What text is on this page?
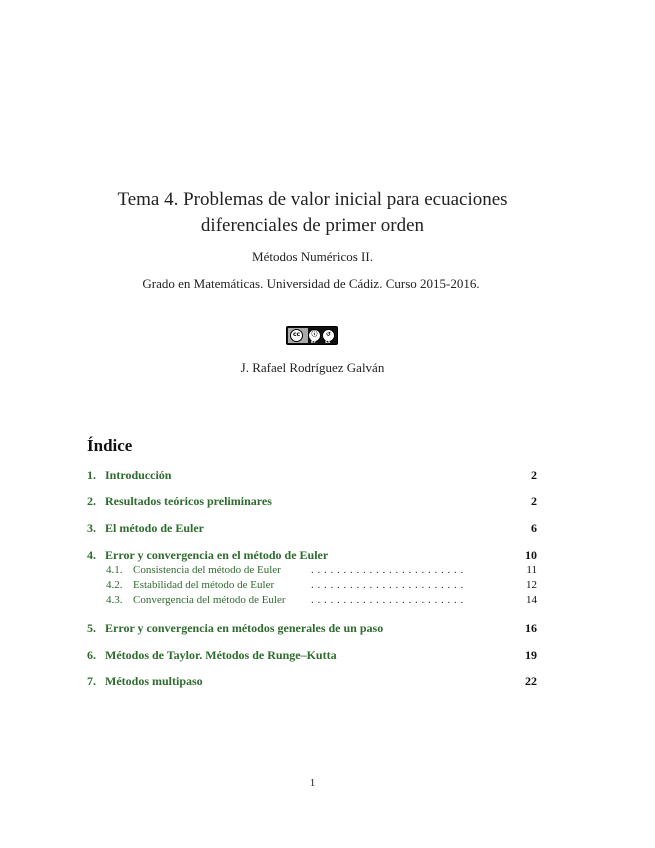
Tema 4. Problemas de valor inicial para ecuaciones diferenciales de primer orden
Métodos Numéricos II.
Grado en Matemáticas. Universidad de Cádiz. Curso 2015-2016.
cc	ⓘ	↺
BY	SA
J. Rafael Rodríguez Galván
Índice
1. Introducción	2
2. Resultados teóricos preliminares	2
3. El método de Euler	6
4. Error y convergencia en el método de Euler	10
4.1. Consistencia del método de Euler	. . . . . . . . . . . . . . . . . . . . . . . .	11
4.2. Estabilidad del método de Euler	. . . . . . . . . . . . . . . . . . . . . . . .	12
4.3. Convergencia del método de Euler . . . . . . . . . . . . . . . . . . . . . . . .	14
5. Error y convergencia en métodos generales de un paso	16
6. Métodos de Taylor. Métodos de Runge–Kutta	19
7. Métodos multipaso	22
1
